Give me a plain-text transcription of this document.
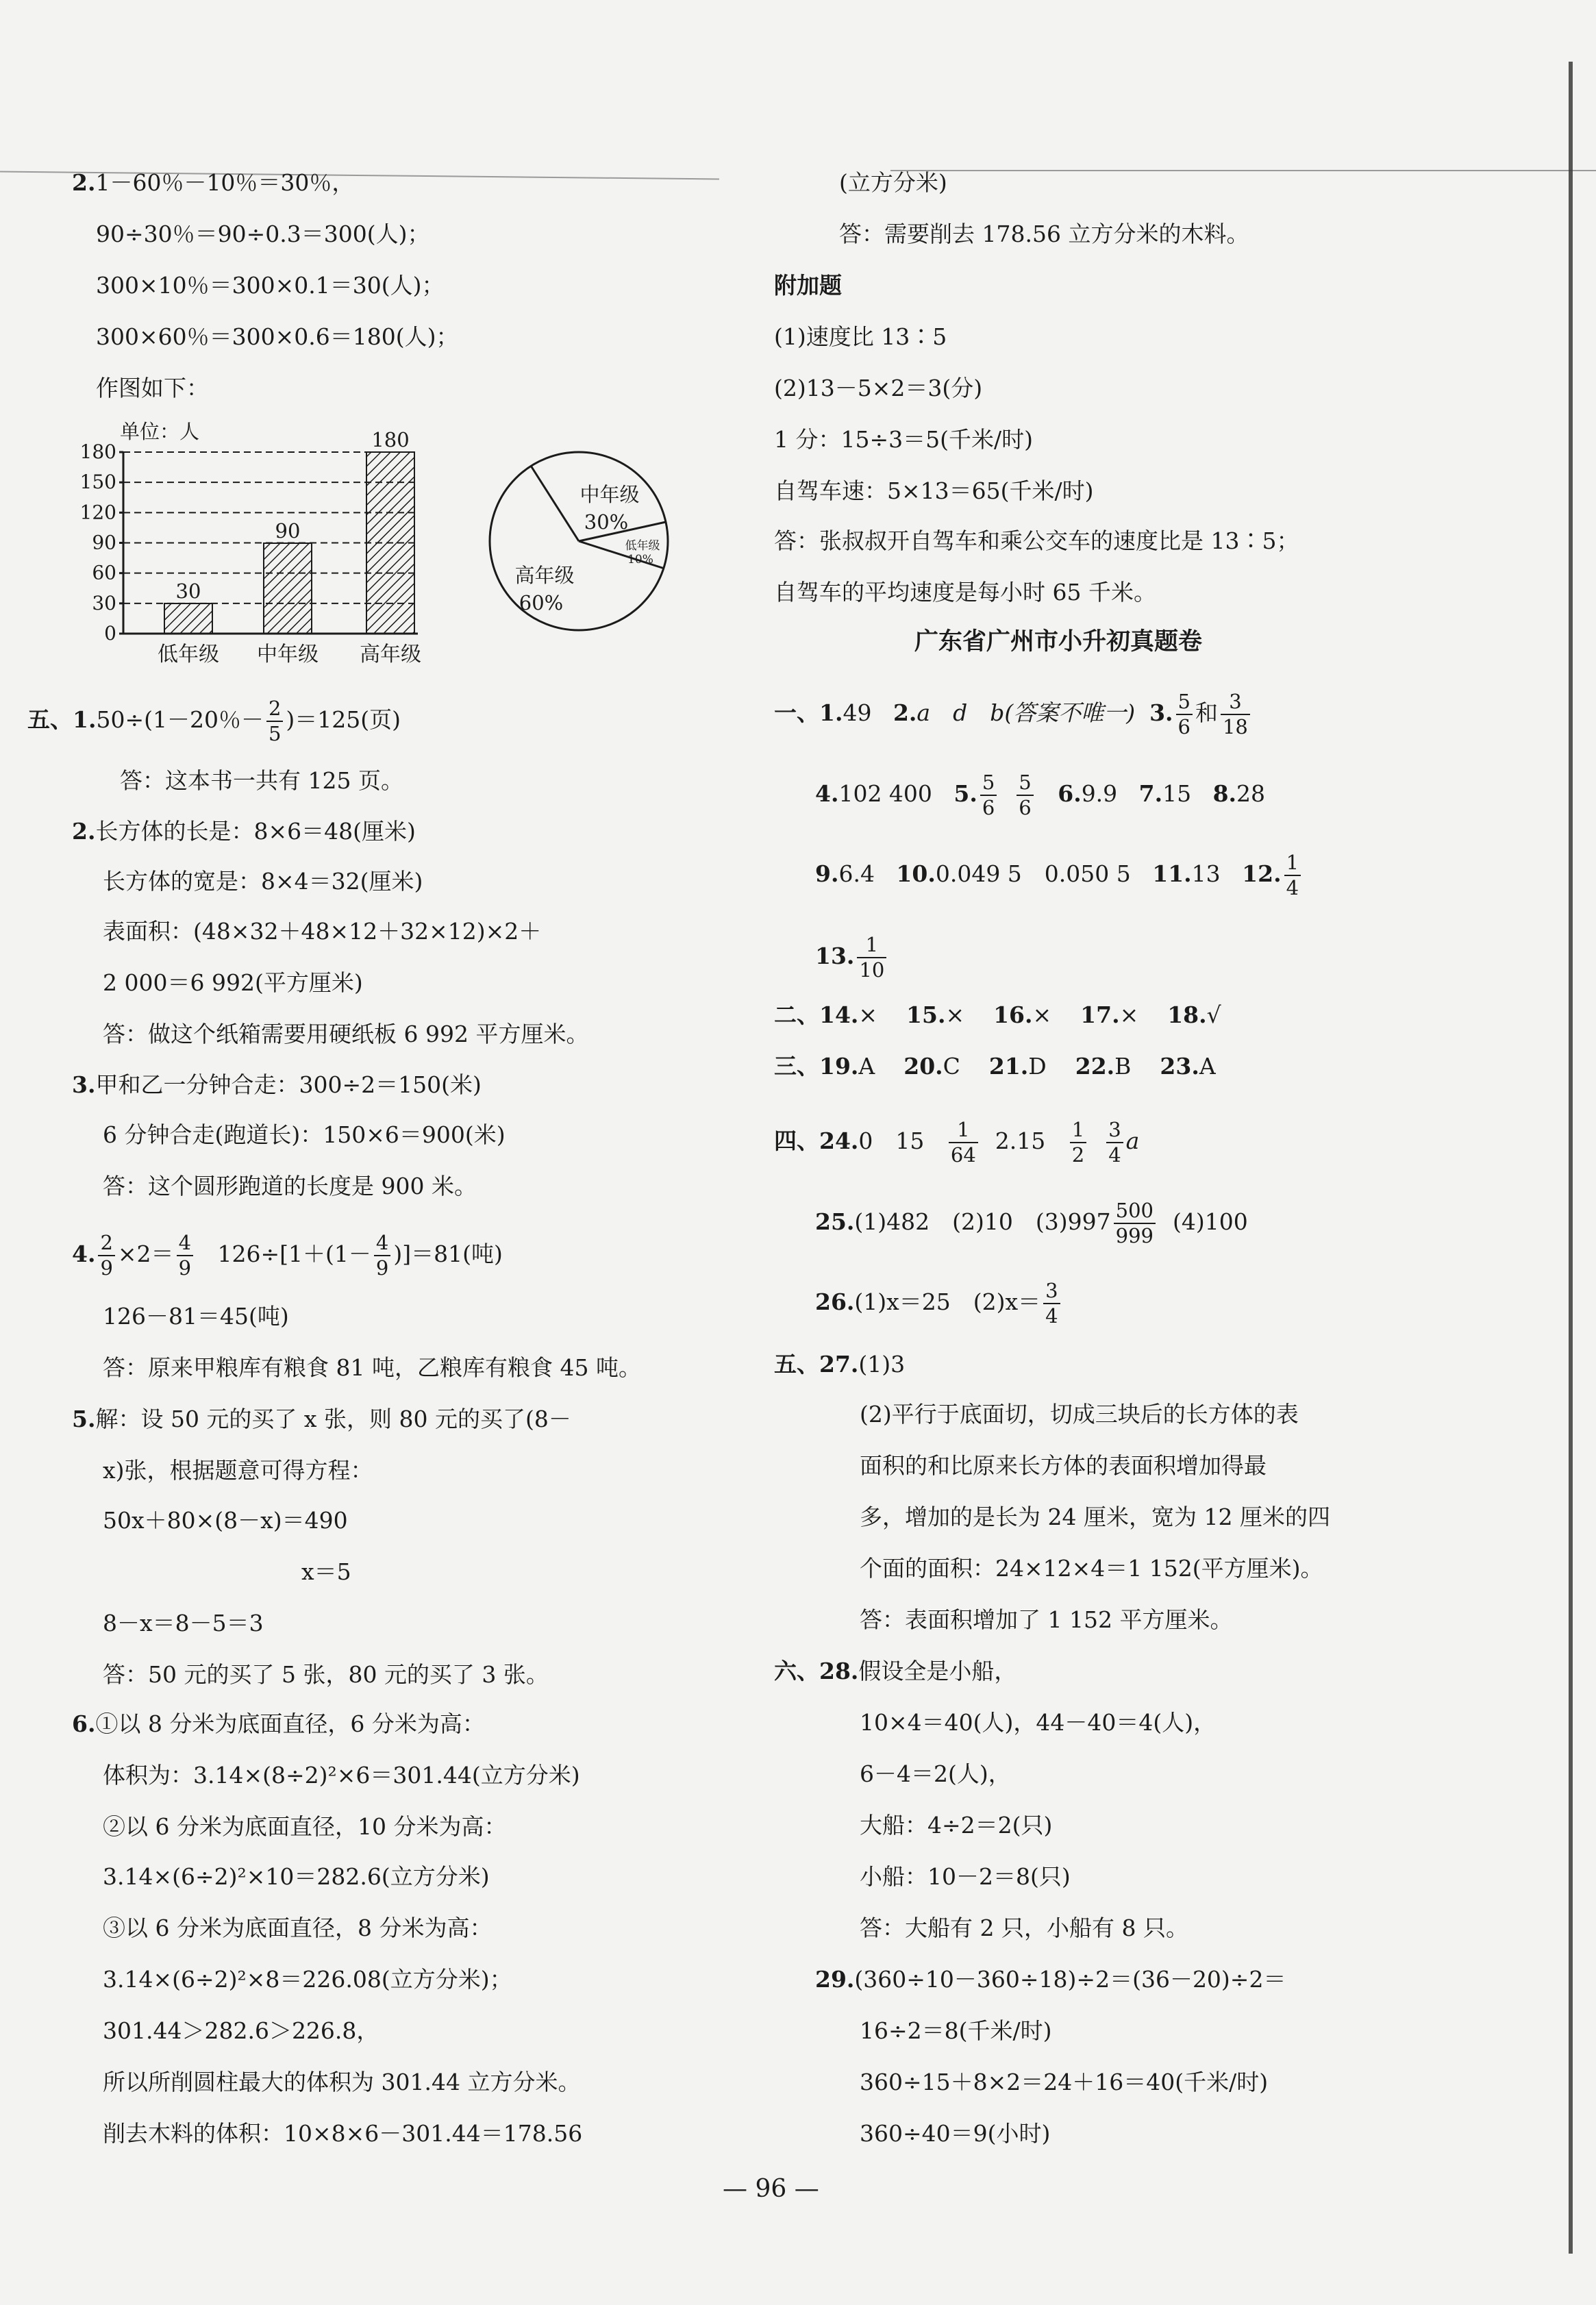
2.1－60％－10％＝30％，
90÷30％＝90÷0.3＝300(人)；
300×10％＝300×0.1＝30(人)；
300×60％＝300×0.6＝180(人)；
作图如下：
单位：人
180
150
120
90
60
30
0
30
90
180
低年级 中年级 高年级
中年级
30%
高年级
60%
低年级
10%
五、1.50÷(1－20％－ $\frac{2}{5} )=125$(页)
答：这本书一共有 125 页。
2.长方体的长是：8×6＝48(厘米)
长方体的宽是：8×4＝32(厘米)
表面积：(48×32＋48×12＋32×12)×2＋
2 000＝6 992(平方厘米)
答：做这个纸箱需要用硬纸板 6 992 平方厘米。
3.甲和乙一分钟合走：300÷2＝150(米)
6 分钟合走(跑道长)：150×6＝900(米)
答：这个圆形跑道的长度是 900 米。
4. $\frac{2}{9} \times 2= \frac{4}{9} 126\div[1+(1- \frac{4}{9} )]=81$(吨)
126－81＝45(吨)
答：原来甲粮库有粮食 81 吨，乙粮库有粮食 45 吨。
5.解：设 50 元的买了 x 张，则 80 元的买了(8－
x)张，根据题意可得方程：
50x＋80×(8－x)＝490
x＝5
8－x＝8－5＝3
答：50 元的买了 5 张，80 元的买了 3 张。
6.①以 8 分米为底面直径，6 分米为高：
体积为：3.14×(8÷2)²×6＝301.44(立方分米)
②以 6 分米为底面直径，10 分米为高：
3.14×(6÷2)²×10＝282.6(立方分米)
③以 6 分米为底面直径，8 分米为高：
3.14×(6÷2)²×8＝226.08(立方分米)；
301.44＞282.6＞226.8，
所以所削圆柱最大的体积为 301.44 立方分米。
削去木料的体积：10×8×6－301.44＝178.56
(立方分米)
答：需要削去 178.56 立方分米的木料。
附加题
(1)速度比 13∶5
(2)13－5×2＝3(分)
1 分：15÷3＝5(千米/时)
自驾车速：5×13＝65(千米/时)
答：张叔叔开自驾车和乘公交车的速度比是 13∶5；
自驾车的平均速度是每小时 65 千米。
广东省广州市小升初真题卷
一、1.49 2.a　d　b(答案不唯一) 3. $\frac{5}{6}$ 和 $\frac{3}{18}$
4.102 400 5. $\frac{5}{6}$
$\frac{5}{6} 6.9.9$ 7.15 8.28
9.6.4 10.0.049 5　0.050 5 11.13 12. $\frac{1}{4}$
13. $\frac{1}{10}$
二、14.× 15.× 16.× 17.× 18.√
三、19.A 20.C 21.D 22.B 23.A
四、24.0　$15 \frac{1}{64} 2.15 \frac{1}{2}$
$\frac{3}{4}$ a
25.(1)482　(2)10　$(3)997 \frac{500}{999} (4)100$
26.(1)x＝25　$(2)x= \frac{3}{4}$
五、27.(1)3
(2)平行于底面切，切成三块后的长方体的表
面积的和比原来长方体的表面积增加得最
多，增加的是长为 24 厘米，宽为 12 厘米的四
个面的面积：24×12×4＝1 152(平方厘米)。
答：表面积增加了 1 152 平方厘米。
六、28.假设全是小船，
10×4＝40(人)，44－40＝4(人)，
6－4＝2(人)，
大船：4÷2＝2(只)
小船：10－2＝8(只)
答：大船有 2 只，小船有 8 只。
29.(360÷10－360÷18)÷2＝(36－20)÷2＝
16÷2＝8(千米/时)
360÷15＋8×2＝24＋16＝40(千米/时)
360÷40＝9(小时)
— 96 —
